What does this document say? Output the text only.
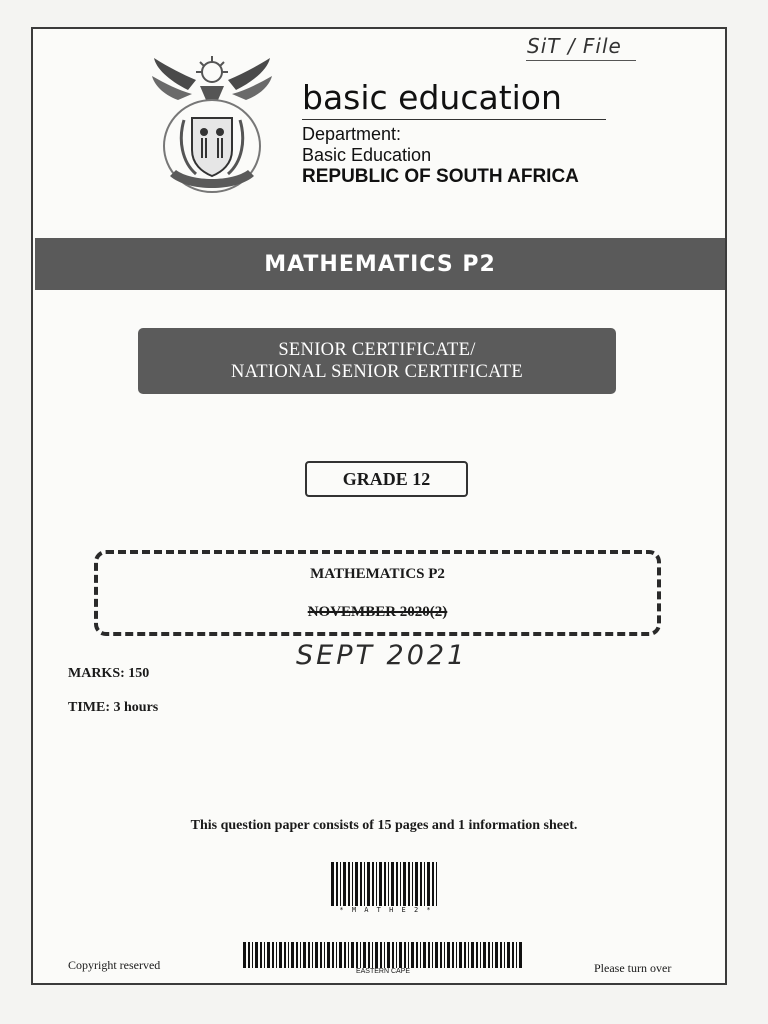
SiT / File
basic education
Department:
Basic Education
REPUBLIC OF SOUTH AFRICA
MATHEMATICS P2
SENIOR CERTIFICATE/
NATIONAL SENIOR CERTIFICATE
GRADE 12
MATHEMATICS P2
NOVEMBER 2020(2)
SEPT 2021
MARKS: 150
TIME: 3 hours
This question paper consists of 15 pages and 1 information sheet.
* M A T H E 2 *
EASTERN CAPE
Copyright reserved	Please turn over
